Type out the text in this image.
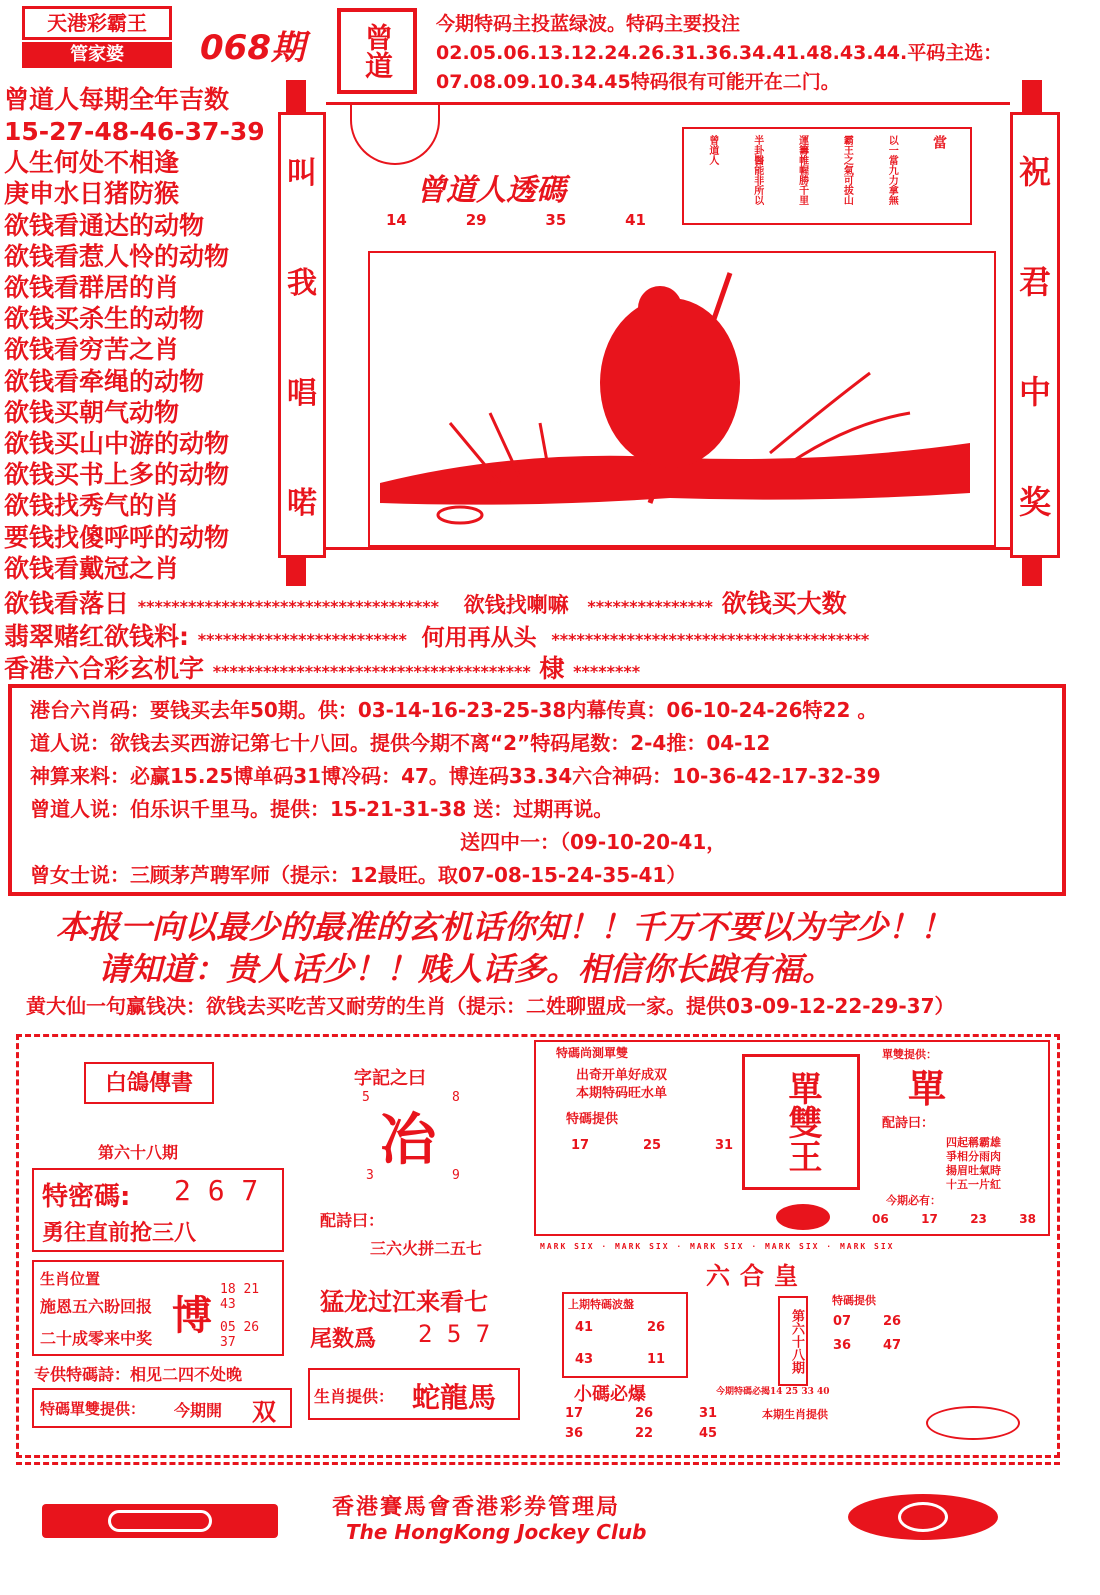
天港彩霸王
管家婆	068期 曾道 今期特码主投蓝绿波。特码主要投注02.05.06.13.12.24.26.31.36.34.41.48.43.44.平码主选：07.08.09.10.34.45特码很有可能开在二门。
曾道人每期全年吉数
15-27-48-46-37-39
人生何处不相逢
庚申水日猪防猴
欲钱看通达的动物
欲钱看惹人怜的动物
欲钱看群居的肖
欲钱买杀生的动物
欲钱看穷苦之肖
欲钱看牵绳的动物
欲钱买朝气动物
欲钱买山中游的动物
欲钱买书上多的动物
欲钱找秀气的肖
要钱找傻呼呼的动物
欲钱看戴冠之肖
叫
我
唱
喏
祝
君
中
奖
曾道人透碼
14	29	35	41
當
以一當九力拿無
霸王之氣可拔山
運籌帷幄勝千里
半卦醫能非所以
曾道人
欲钱看落日 ************************************ 欲钱找喇嘛 *************** 欲钱买大数
翡翠赌红欲钱料: ************************* 何用再从头 **************************************
香港六合彩玄机字 ************************************** 棣 ********
港台六肖码：要钱买去年50期。供：03-14-16-23-25-38内幕传真：06-10-24-26特22 。
道人说：欲钱去买西游记第七十八回。提供今期不离“2”特码尾数：2-4推：04-12
神算来料：必赢15.25博单码31博冷码：47。博连码33.34六合神码：10-36-42-17-32-39
曾道人说：伯乐识千里马。提供：15-21-31-38 送：过期再说。
送四中一：（09-10-20-41，
曾女士说：三顾茅芦聘军师（提示：12最旺。取07-08-15-24-35-41）
本报一向以最少的最准的玄机话你知！！千万不要以为字少！！
请知道：贵人话少！！贱人话多。相信你长踉有福。
黄大仙一句赢钱决：欲钱去买吃苦又耐劳的生肖（提示：二姓聊盟成一家。提供03-09-12-22-29-37）
白鴿傳書
第六十八期
特密碼: 2 6 7
勇往直前抢三八
生肖位置
施恩五六盼回报
二十成零来中奖 博
18 21 43
05 26 37
专供特碼詩：相见二四不处晚
特碼單雙提供： 今期開 双
字記之曰
5	8
冶
3	9
配詩曰：
三六火拼二五七
猛龙过江来看七
尾数爲 2 5 7
生肖提供： 蛇龍馬
特碼尚測單雙
出奇开单好成双
本期特码旺水单
特碼提供
17	25	31	單雙王
單雙提供：
單
配詩曰：
四起稱霸雄
爭相分雨肉
揚眉吐氣時
十五一片紅
今期必有：
06	17	23	38
MARK SIX · MARK SIX · MARK SIX · MARK SIX · MARK SIX
六合皇
上期特碼波盤
41	26
43	11	第六十八期
特碼提供
07	26
36	47
小碼必爆	今期特碼必揭14 25 33 40
17	26	31
36	22	45
本期生肖提供
香港賽馬會香港彩券管理局
The HongKong Jockey Club
